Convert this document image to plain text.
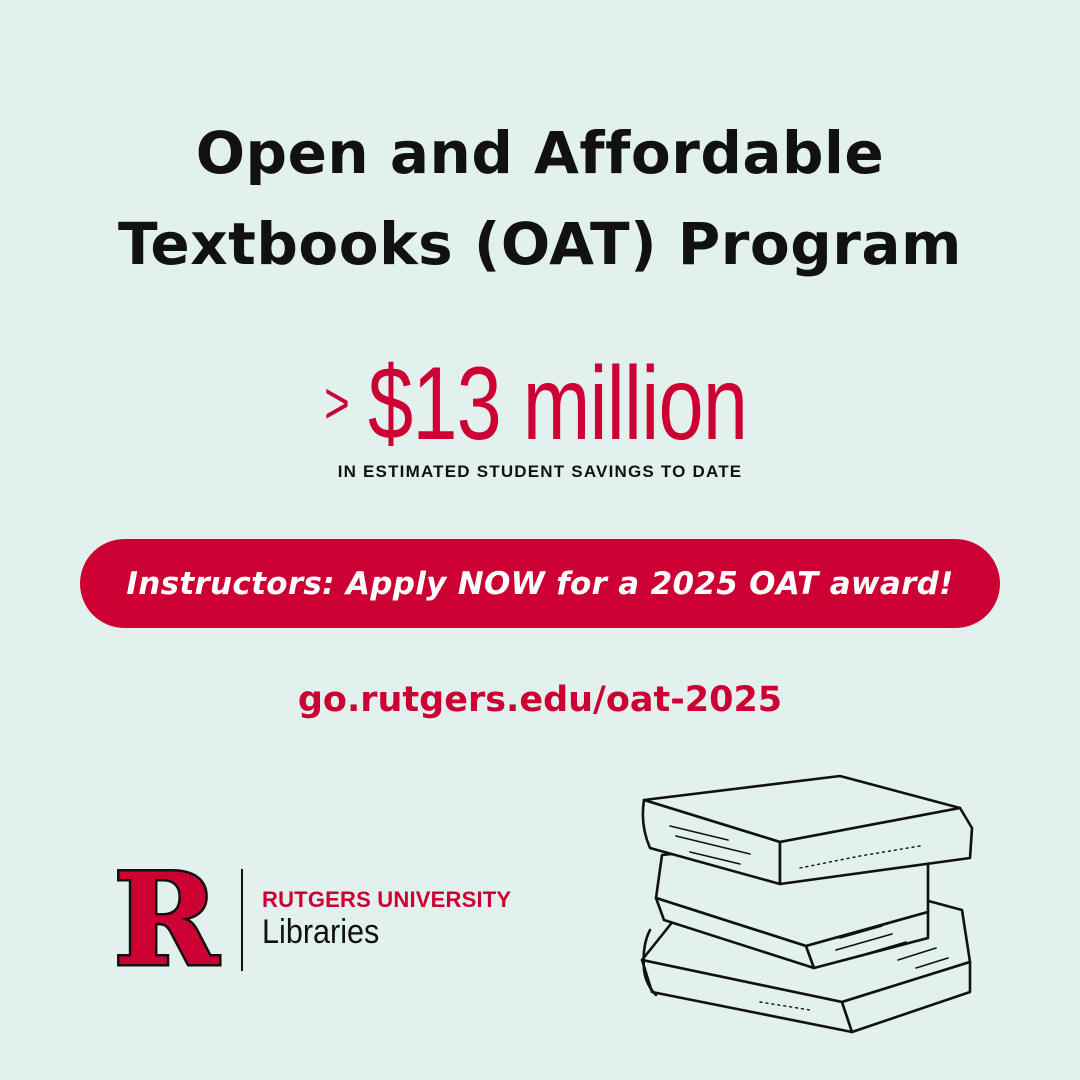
Open and Affordable
Textbooks (OAT) Program
> $13 million
IN ESTIMATED STUDENT SAVINGS TO DATE
Instructors: Apply NOW for a 2025 OAT award!
go.rutgers.edu/oat-2025
R RUTGERS UNIVERSITY
Libraries
